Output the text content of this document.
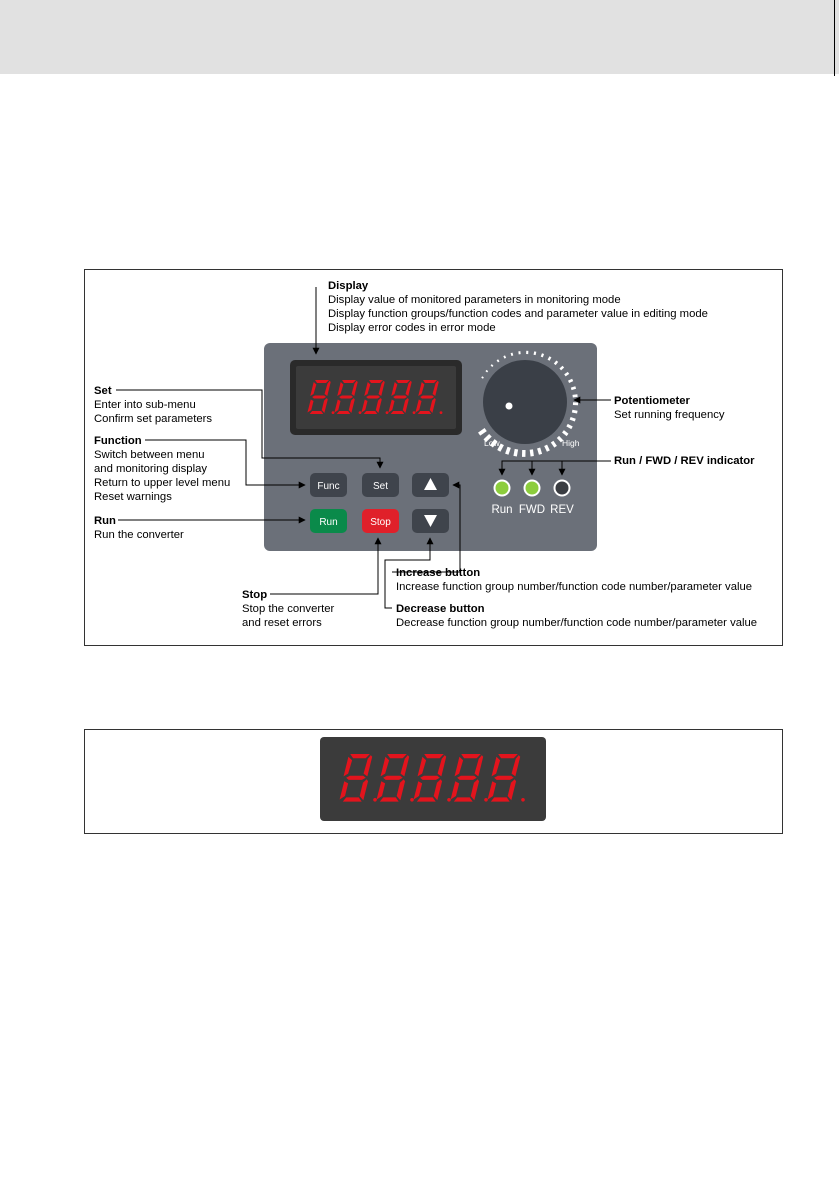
Display
Display value of monitored parameters in monitoring mode
Display function groups/function codes and parameter value in editing mode
Display error codes in error mode
Set
Enter into sub-menu
Confirm set parameters
Function
Switch between menu
and monitoring display
Return to upper level menu
Reset warnings
Run
Run the converter
Potentiometer
Set running frequency
Run / FWD / REV indicator
Stop
Stop the converter
and reset errors
Increase button
Increase function group number/function code number/parameter value
Decrease button
Decrease function group number/function code number/parameter value
Low	High
Func	Set
Run	Stop
Run FWD REV
